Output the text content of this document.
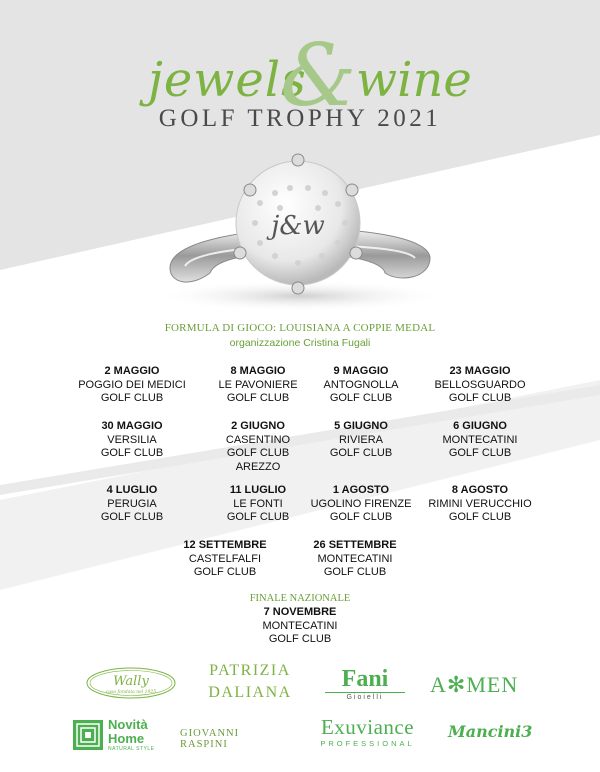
jewels
& wine
GOLF TROPHY 2021
j&w
FORMULA DI GIOCO: LOUISIANA A COPPIE MEDAL
organizzazione Cristina Fugali
FINALE NAZIONALE
7 NOVEMBRE
MONTECATINI
GOLF CLUB
Wally
casa fondata nel 1925
PATRIZIA
DALIANA
Fani
Gioielli
A✻MEN
Novità
Home
NATURAL STYLE
GIOVANNI RASPINI
Exuviance
PROFESSIONAL
Mancini3
2 MAGGIO
POGGIO DEI MEDICI
GOLF CLUB
8 MAGGIO
LE PAVONIERE
GOLF CLUB
9 MAGGIO
ANTOGNOLLA
GOLF CLUB
23 MAGGIO
BELLOSGUARDO
GOLF CLUB
30 MAGGIO
VERSILIA
GOLF CLUB
2 GIUGNO
CASENTINO
GOLF CLUB
AREZZO
5 GIUGNO
RIVIERA
GOLF CLUB
6 GIUGNO
MONTECATINI
GOLF CLUB
4 LUGLIO
PERUGIA
GOLF CLUB
11 LUGLIO
LE FONTI
GOLF CLUB
1 AGOSTO
UGOLINO FIRENZE
GOLF CLUB
8 AGOSTO
RIMINI VERUCCHIO
GOLF CLUB
12 SETTEMBRE
CASTELFALFI
GOLF CLUB
26 SETTEMBRE
MONTECATINI
GOLF CLUB
